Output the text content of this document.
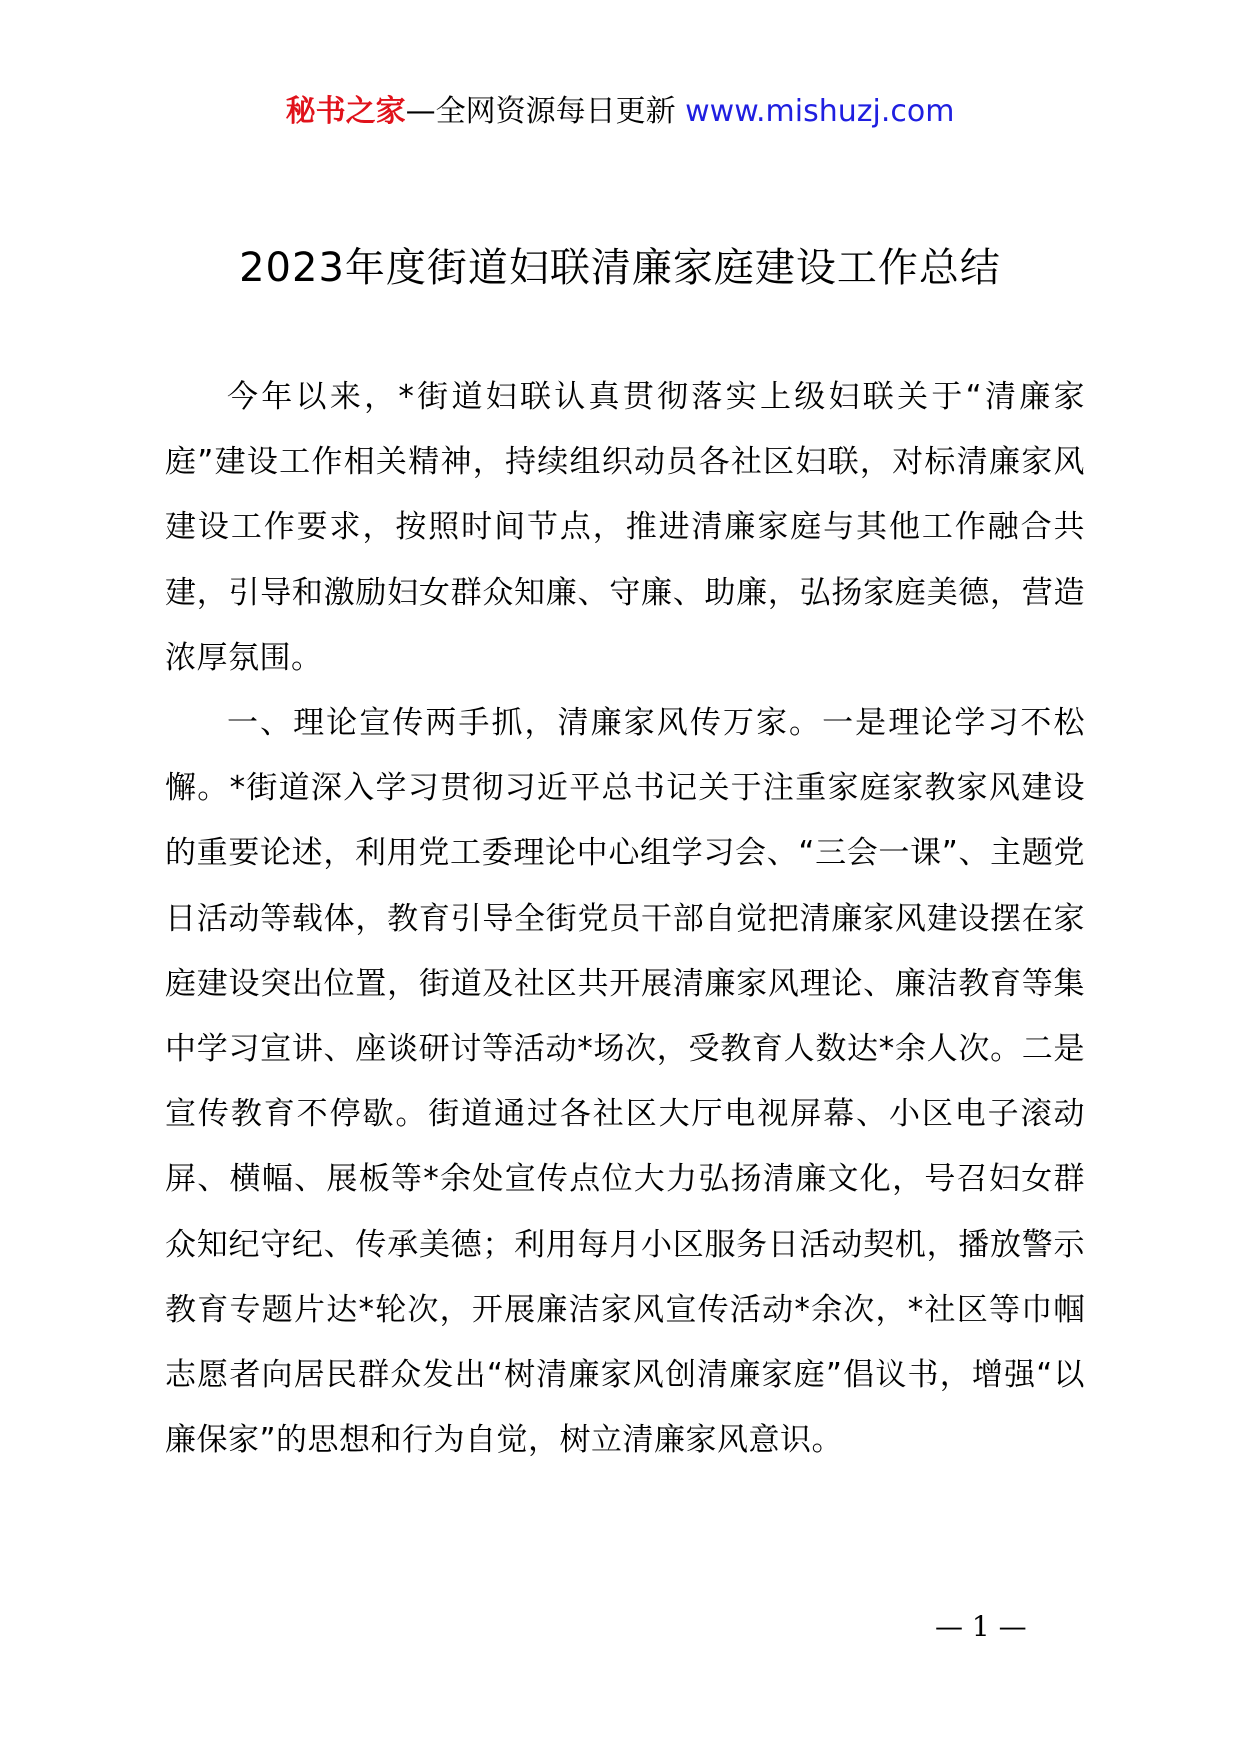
秘书之家—全网资源每日更新 www.mishuzj.com
2023年度街道妇联清廉家庭建设工作总结

今年以来，*街道妇联认真贯彻落实上级妇联关于“清廉家庭”建设工作相关精神，持续组织动员各社区妇联，对标清廉家风建设工作要求，按照时间节点，推进清廉家庭与其他工作融合共建，引导和激励妇女群众知廉、守廉、助廉，弘扬家庭美德，营造浓厚氛围。

一、理论宣传两手抓，清廉家风传万家。一是理论学习不松懈。*街道深入学习贯彻习近平总书记关于注重家庭家教家风建设的重要论述，利用党工委理论中心组学习会、“三会一课”、主题党日活动等载体，教育引导全街党员干部自觉把清廉家风建设摆在家庭建设突出位置，街道及社区共开展清廉家风理论、廉洁教育等集中学习宣讲、座谈研讨等活动*场次，受教育人数达*余人次。二是宣传教育不停歇。街道通过各社区大厅电视屏幕、小区电子滚动屏、横幅、展板等*余处宣传点位大力弘扬清廉文化，号召妇女群众知纪守纪、传承美德；利用每月小区服务日活动契机，播放警示教育专题片达*轮次，开展廉洁家风宣传活动*余次，*社区等巾帼志愿者向居民群众发出“树清廉家风创清廉家庭”倡议书，增强“以廉保家”的思想和行为自觉，树立清廉家风意识。

— 1 —
